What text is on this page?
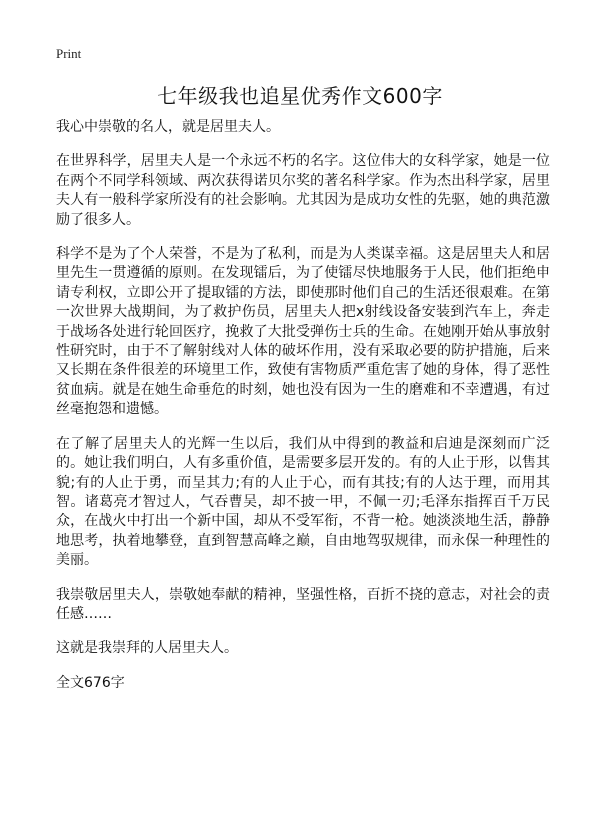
Print
七年级我也追星优秀作文600字

我心中崇敬的名人，就是居里夫人。

在世界科学，居里夫人是一个永远不朽的名字。这位伟大的女科学家，她是一位在两个不同学科领域、两次获得诺贝尔奖的著名科学家。作为杰出科学家，居里夫人有一般科学家所没有的社会影响。尤其因为是成功女性的先驱，她的典范激励了很多人。

科学不是为了个人荣誉，不是为了私利，而是为人类谋幸福。这是居里夫人和居里先生一贯遵循的原则。在发现镭后，为了使镭尽快地服务于人民，他们拒绝申请专利权，立即公开了提取镭的方法，即使那时他们自己的生活还很艰难。在第一次世界大战期间，为了救护伤员，居里夫人把x射线设备安装到汽车上，奔走于战场各处进行轮回医疗，挽救了大批受弹伤士兵的生命。在她刚开始从事放射性研究时，由于不了解射线对人体的破坏作用，没有采取必要的防护措施，后来又长期在条件很差的环境里工作，致使有害物质严重危害了她的身体，得了恶性贫血病。就是在她生命垂危的时刻，她也没有因为一生的磨难和不幸遭遇，有过丝毫抱怨和遗憾。

在了解了居里夫人的光辉一生以后，我们从中得到的教益和启迪是深刻而广泛的。她让我们明白，人有多重价值，是需要多层开发的。有的人止于形，以售其貌;有的人止于勇，而呈其力;有的人止于心，而有其技;有的人达于理，而用其智。诸葛亮才智过人，气吞曹吴，却不披一甲，不佩一刃;毛泽东指挥百千万民众，在战火中打出一个新中国，却从不受军衔，不背一枪。她淡淡地生活，静静地思考，执着地攀登，直到智慧高峰之巅，自由地驾驭规律，而永保一种理性的美丽。

我崇敬居里夫人，崇敬她奉献的精神，坚强性格，百折不挠的意志，对社会的责任感……

这就是我崇拜的人居里夫人。

全文676字
